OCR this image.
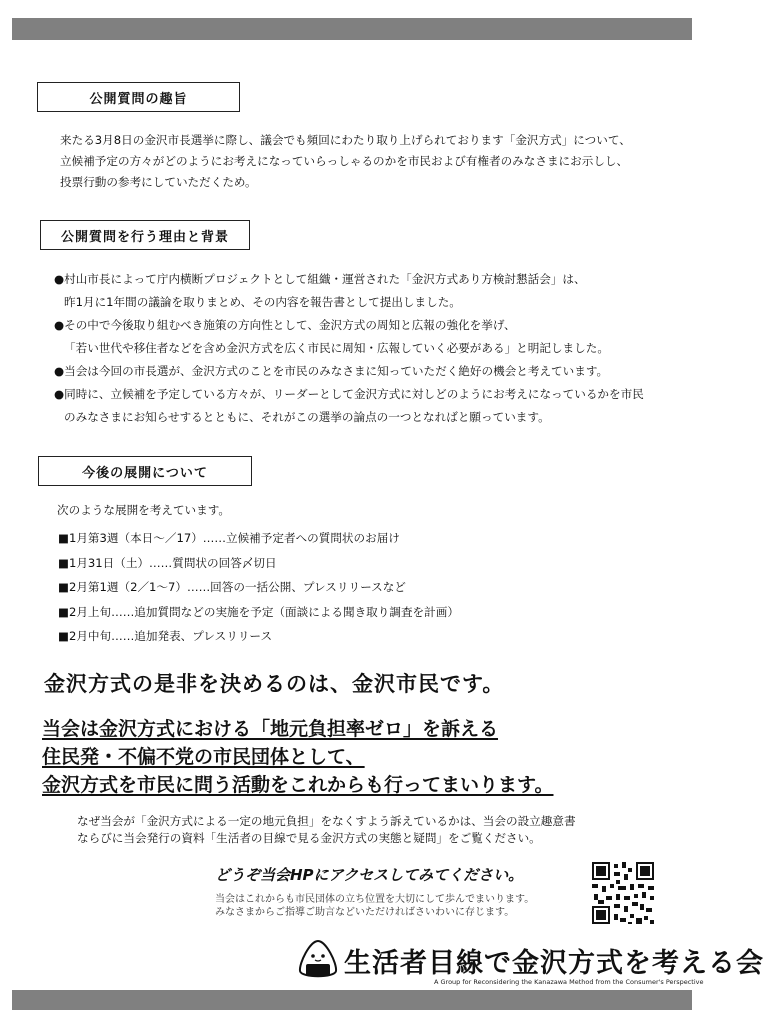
公開質問の趣旨
来たる3月8日の金沢市長選挙に際し、議会でも頻回にわたり取り上げられております「金沢方式」について、
立候補予定の方々がどのようにお考えになっていらっしゃるのかを市民および有権者のみなさまにお示しし、
投票行動の参考にしていただくため。
公開質問を行う理由と背景
●村山市長によって庁内横断プロジェクトとして組織・運営された「金沢方式あり方検討懇話会」は、
昨1月に1年間の議論を取りまとめ、その内容を報告書として提出しました。
●その中で今後取り組むべき施策の方向性として、金沢方式の周知と広報の強化を挙げ、
「若い世代や移住者などを含め金沢方式を広く市民に周知・広報していく必要がある」と明記しました。
●当会は今回の市長選が、金沢方式のことを市民のみなさまに知っていただく絶好の機会と考えています。
●同時に、立候補を予定している方々が、リーダーとして金沢方式に対しどのようにお考えになっているかを市民
のみなさまにお知らせするとともに、それがこの選挙の論点の一つとなればと願っています。
今後の展開について
次のような展開を考えています。
■1月第3週（本日～／17）……立候補予定者への質問状のお届け
■1月31日（土）……質問状の回答〆切日
■2月第1週（2／1～7）……回答の一括公開、プレスリリースなど
■2月上旬……追加質問などの実施を予定（面談による聞き取り調査を計画）
■2月中旬……追加発表、プレスリリース
金沢方式の是非を決めるのは、金沢市民です。
当会は金沢方式における「地元負担率ゼロ」を訴える
住民発・不偏不党の市民団体として、
金沢方式を市民に問う活動をこれからも行ってまいります。
なぜ当会が「金沢方式による一定の地元負担」をなくすよう訴えているかは、当会の設立趣意書
ならびに当会発行の資料「生活者の目線で見る金沢方式の実態と疑問」をご覧ください。
どうぞ当会HPにアクセスしてみてください。
当会はこれからも市民団体の立ち位置を大切にして歩んでまいります。
みなさまからご指導ご助言などいただければさいわいに存じます。
生活者目線で金沢方式を考える会
A Group for Reconsidering the Kanazawa Method from the Consumer's Perspective
